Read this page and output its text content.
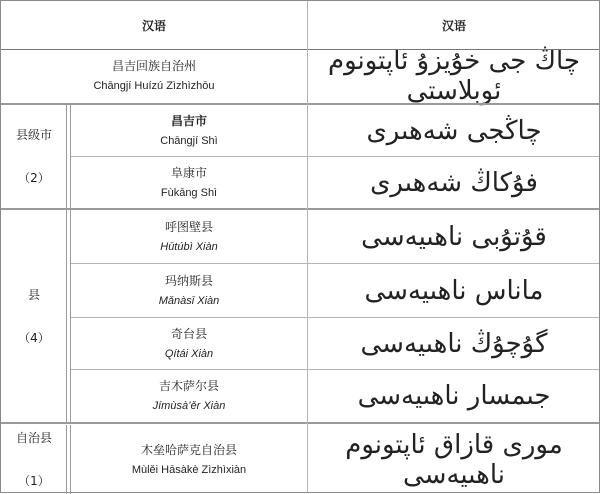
汉语	汉语
昌吉回族自治州
Chāngjí Huízú Zìzhìzhōu
چاڭ جى خۇيزۇ ئاپتونوم ئوبلاستى
县级市
（2）
县
（4）
自治县
（1）
昌吉市
Chāngjí Shì
阜康市
Fùkāng Shì
呼图壁县
Hūtúbì Xiàn
玛纳斯县
Mǎnàsī Xiàn
奇台县
Qítái Xiàn
吉木萨尔县
Jímùsà’ěr Xiàn
木垒哈萨克自治县
Mùlěi Hāsàkè Zìzhìxiàn
چاڭجى شەھىرى
فۇكاڭ شەھىرى
قۇتۇبى ناھىيەسى
ماناس ناھىيەسى
گۇچۇڭ ناھىيەسى
جىمسار ناھىيەسى
مورى قازاق ئاپتونوم ناھىيەسى
